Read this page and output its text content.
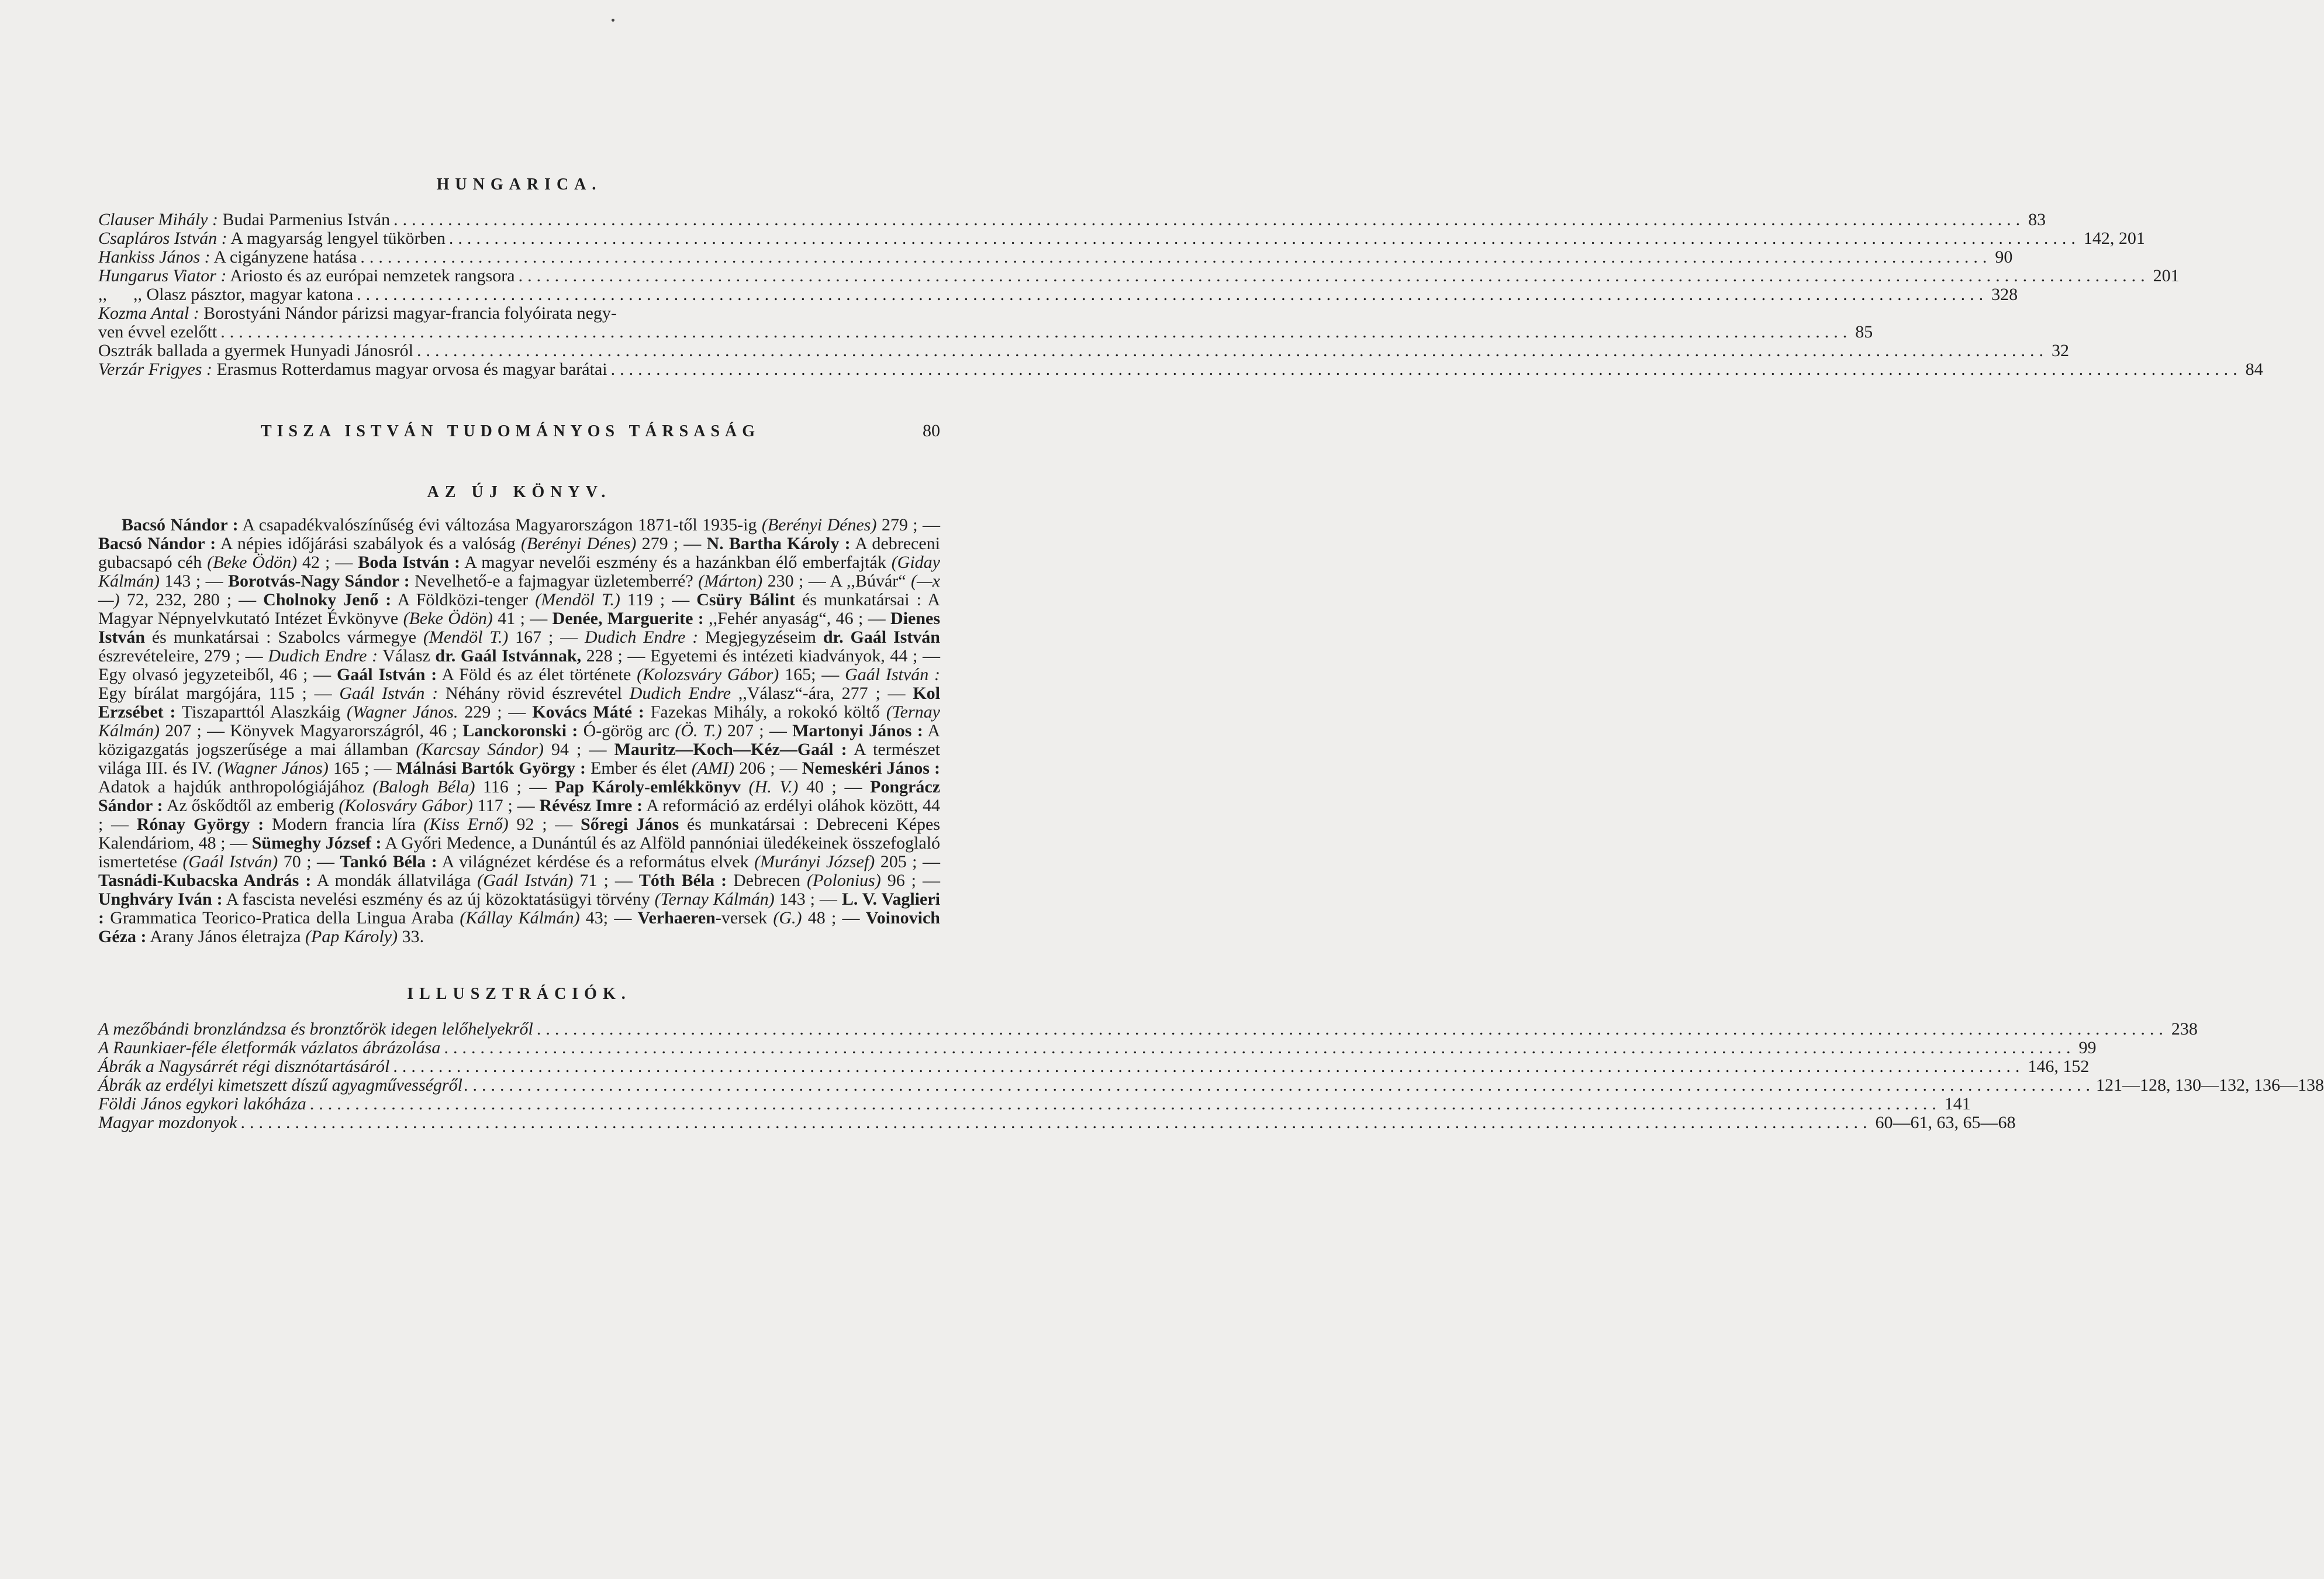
HUNGARICA.
Clauser Mihály : Budai Parmenius István .....	83
Csapláros István : A magyarság lengyel tükörben .....	142, 201
Hankiss János : A cigányzene hatása .....	90
Hungarus Viator : Ariosto és az európai nemzetek rangsora .....	201
,,      ,, Olasz pásztor, magyar katona .....	328
Kozma Antal : Borostyáni Nándor párizsi magyar-francia folyóirata negy-
ven évvel ezelőtt .....	85
Osztrák ballada a gyermek Hunyadi Jánosról .....	32
Verzár Frigyes : Erasmus Rotterdamus magyar orvosa és magyar barátai .....	84
TISZA ISTVÁN TUDOMÁNYOS TÁRSASÁG	80
AZ ÚJ KÖNYV.

Bacsó Nándor : A csapadékvalószínűség évi változása Magyarországon 1871-től 1935-ig (Berényi Dénes) 279 ; — Bacsó Nándor : A népies időjárási szabályok és a valóság (Berényi Dénes) 279 ; — N. Bartha Károly : A debreceni gubacsapó céh (Beke Ödön) 42 ; — Boda István : A magyar nevelői eszmény és a hazánkban élő emberfajták (Giday Kálmán) 143 ; — Borotvás-Nagy Sándor : Nevelhető-e a fajmagyar üzletemberré? (Márton) 230 ; — A ,,Búvár“ (—x—) 72, 232, 280 ; — Cholnoky Jenő : A Földközi-tenger (Mendöl T.) 119 ; — Csüry Bálint és munkatársai : A Magyar Népnyelvkutató Intézet Évkönyve (Beke Ödön) 41 ; — Denée, Marguerite : ,,Fehér anyaság“, 46 ; — Dienes István és munkatársai : Szabolcs vármegye (Mendöl T.) 167 ; — Dudich Endre : Megjegyzéseim dr. Gaál István észrevételeire, 279 ; — Dudich Endre : Válasz dr. Gaál Istvánnak, 228 ; — Egyetemi és intézeti kiadványok, 44 ; — Egy olvasó jegyzeteiből, 46 ; — Gaál István : A Föld és az élet története (Kolozsváry Gábor) 165; — Gaál István : Egy bírálat margójára, 115 ; — Gaál István : Néhány rövid észrevétel Dudich Endre ,,Válasz“-ára, 277 ; — Kol Erzsébet : Tiszaparttól Alaszkáig (Wagner János. 229 ; — Kovács Máté : Fazekas Mihály, a rokokó költő (Ternay Kálmán) 207 ; — Könyvek Magyarországról, 46 ; Lanckoronski : Ó-görög arc (Ö. T.) 207 ; — Martonyi János : A közigazgatás jogszerűsége a mai államban (Karcsay Sándor) 94 ; — Mauritz—Koch—Kéz—Gaál : A természet világa III. és IV. (Wagner János) 165 ; — Málnási Bartók György : Ember és élet (AMI) 206 ; — Nemeskéri János : Adatok a hajdúk anthropológiájához (Balogh Béla) 116 ; — Pap Károly-emlékkönyv (H. V.) 40 ; — Pongrácz Sándor : Az őskődtől az emberig (Kolosváry Gábor) 117 ; — Révész Imre : A reformáció az erdélyi oláhok között, 44 ; — Rónay György : Modern francia líra (Kiss Ernő) 92 ; — Sőregi János és munkatársai : Debreceni Képes Kalendáriom, 48 ; — Sümeghy József : A Győri Medence, a Dunántúl és az Alföld pannóniai üledékeinek összefoglaló ismertetése (Gaál István) 70 ; — Tankó Béla : A világnézet kérdése és a református elvek (Murányi József) 205 ; — Tasnádi-Kubacska András : A mondák állatvilága (Gaál István) 71 ; — Tóth Béla : Debrecen (Polonius) 96 ; — Unghváry Iván : A fascista nevelési eszmény és az új közoktatásügyi törvény (Ternay Kálmán) 143 ; — L. V. Vaglieri : Grammatica Teorico-Pratica della Lingua Araba (Kállay Kálmán) 43; — Verhaeren-versek (G.) 48 ; — Voinovich Géza : Arany János életrajza (Pap Károly) 33.

ILLUSZTRÁCIÓK.
A mezőbándi bronzlándzsa és bronztőrök idegen lelőhelyekről .....	238
A Raunkiaer-féle életformák vázlatos ábrázolása .....	99
Ábrák a Nagysárrét régi disznótartásáról .....	146, 152
Ábrák az erdélyi kimetszett díszű agyagművességről .....	121—128, 130—132, 136—138
Földi János egykori lakóháza .....	141
Magyar mozdonyok .....	60—61, 63, 65—68
